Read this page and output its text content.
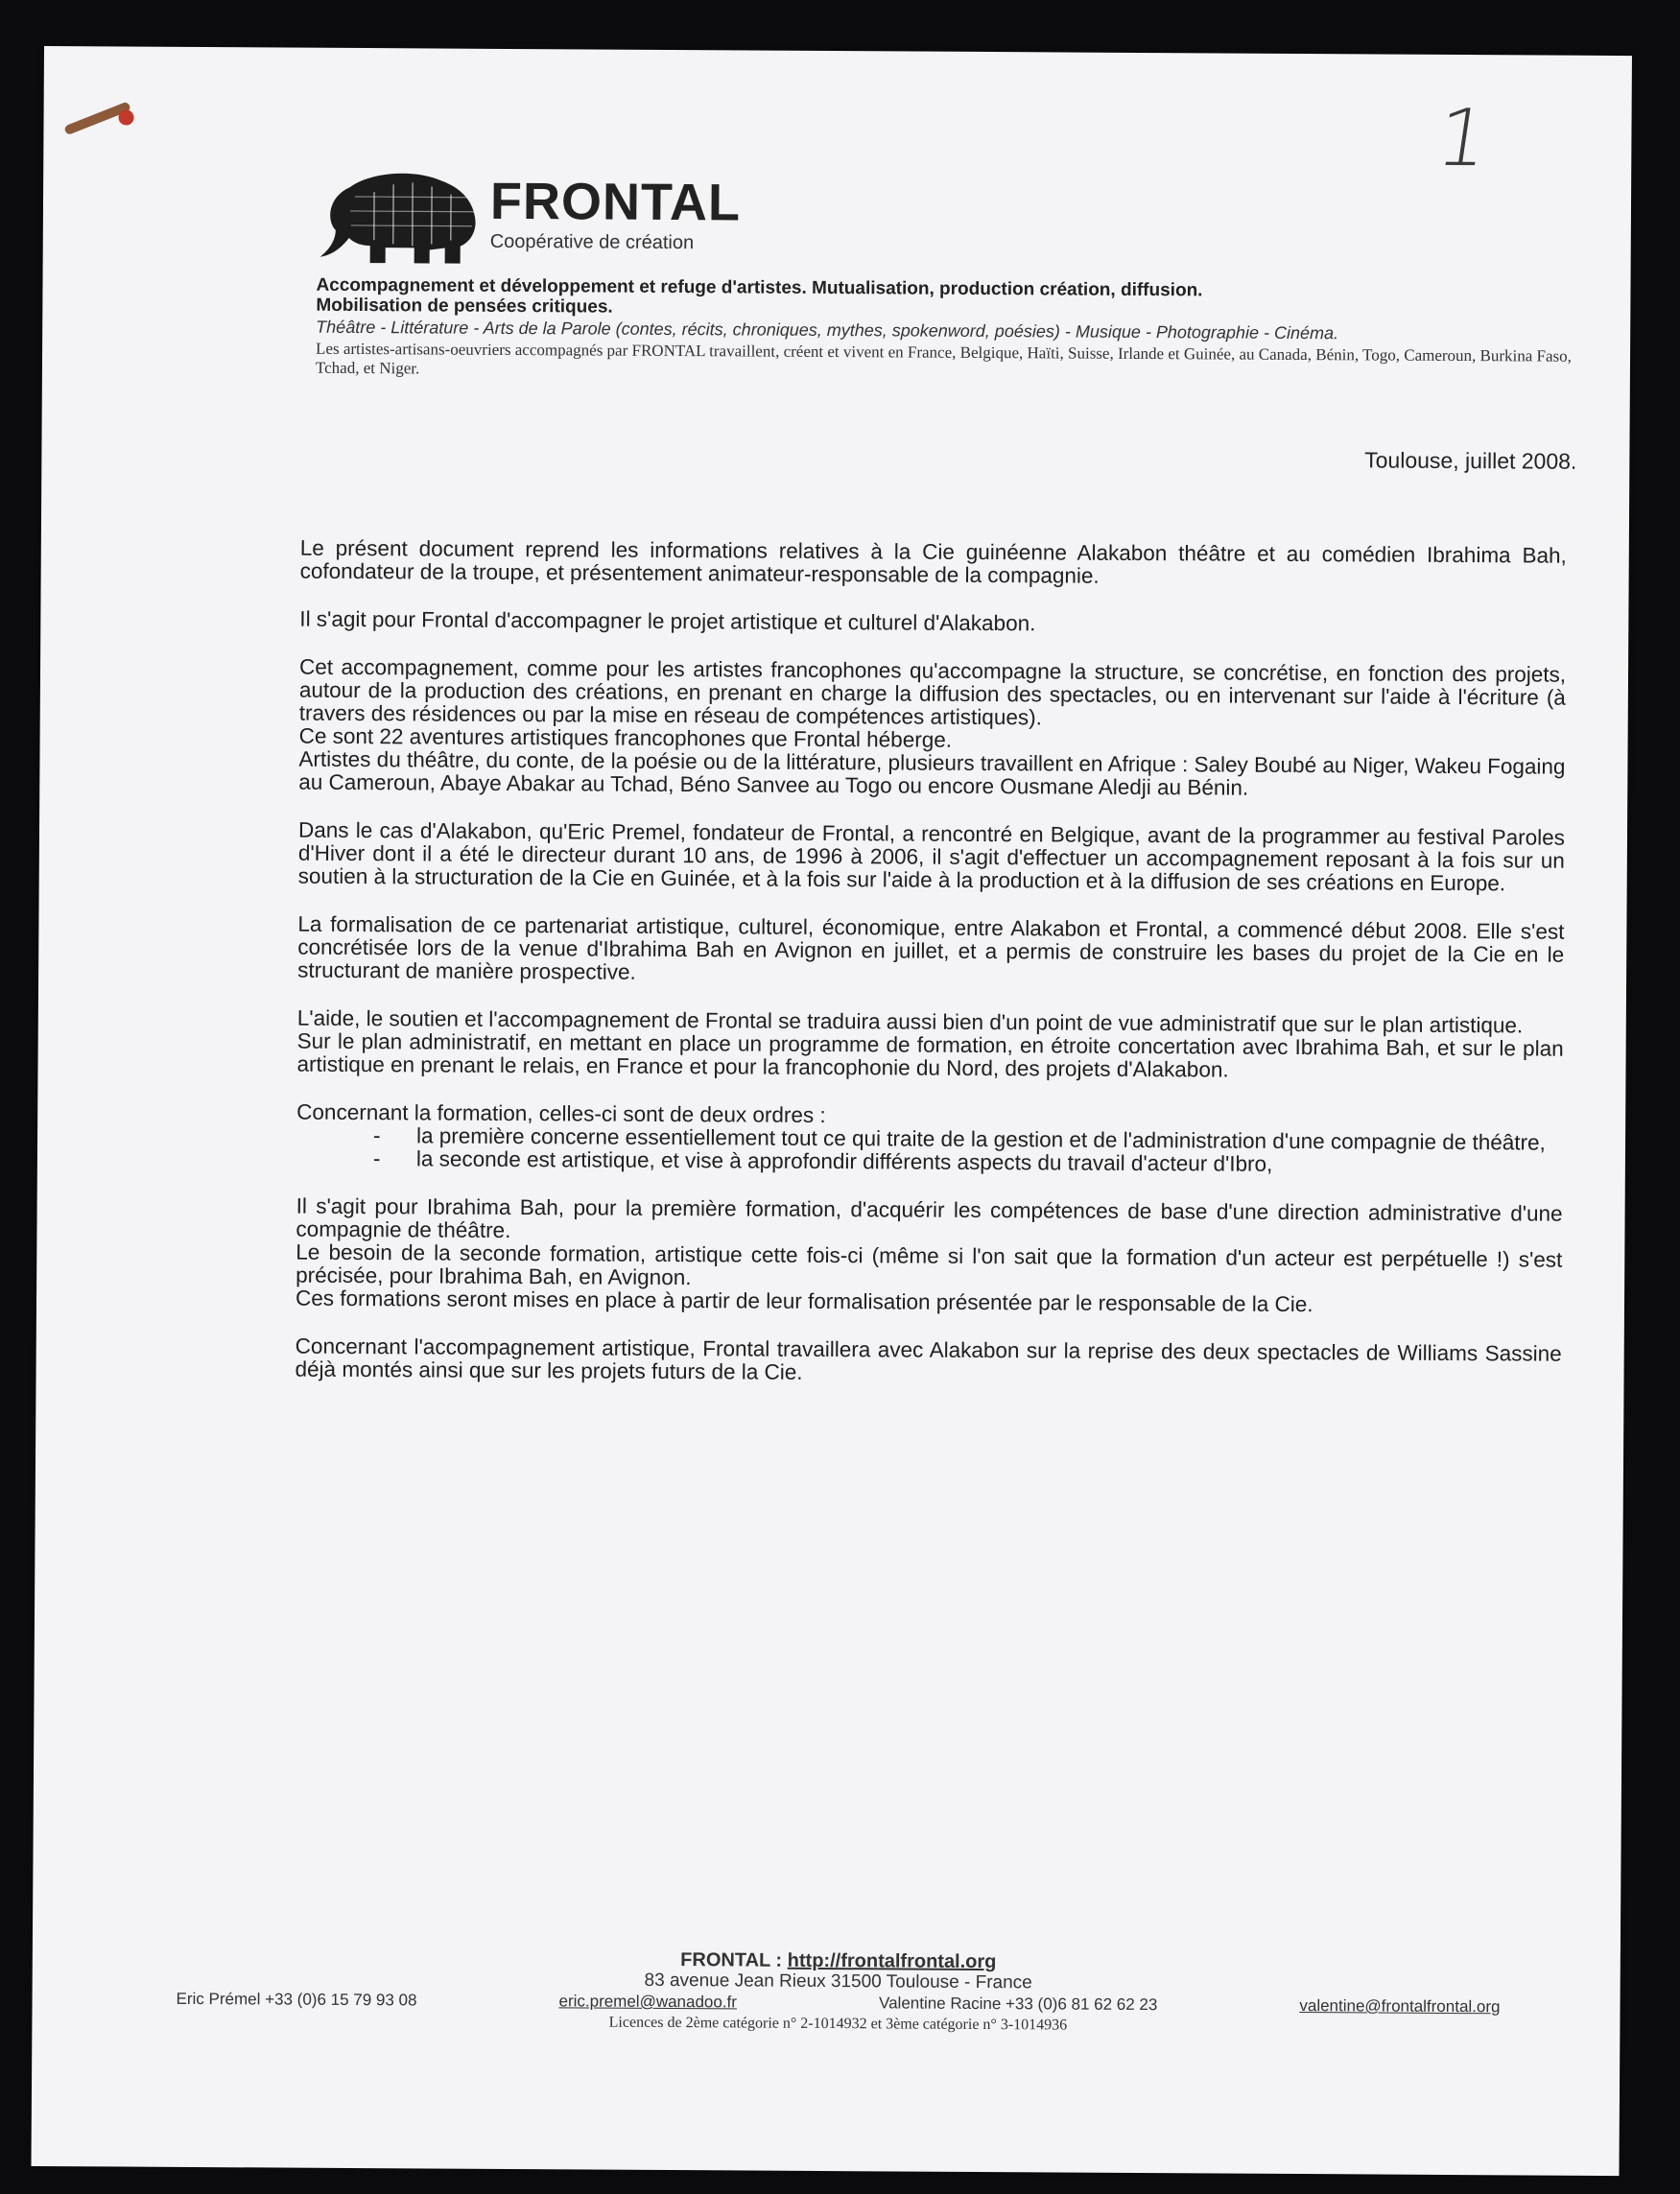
1
FRONTAL
Coopérative de création
Accompagnement et développement et refuge d'artistes. Mutualisation, production création, diffusion.
Mobilisation de pensées critiques.
Théâtre - Littérature - Arts de la Parole (contes, récits, chroniques, mythes, spokenword, poésies) - Musique - Photographie - Cinéma.
Les artistes-artisans-oeuvriers accompagnés par FRONTAL travaillent, créent et vivent en France, Belgique, Haïti, Suisse, Irlande et Guinée, au Canada, Bénin, Togo, Cameroun, Burkina Faso, Tchad, et Niger.
Toulouse, juillet 2008.

Le présent document reprend les informations relatives à la Cie guinéenne Alakabon théâtre et au comédien Ibrahima Bah, cofondateur de la troupe, et présentement animateur-responsable de la compagnie.

Il s'agit pour Frontal d'accompagner le projet artistique et culturel d'Alakabon.

Cet accompagnement, comme pour les artistes francophones qu'accompagne la structure, se concrétise, en fonction des projets, autour de la production des créations, en prenant en charge la diffusion des spectacles, ou en intervenant sur l'aide à l'écriture (à travers des résidences ou par la mise en réseau de compétences artistiques).

Ce sont 22 aventures artistiques francophones que Frontal héberge.

Artistes du théâtre, du conte, de la poésie ou de la littérature, plusieurs travaillent en Afrique : Saley Boubé au Niger, Wakeu Fogaing au Cameroun, Abaye Abakar au Tchad, Béno Sanvee au Togo ou encore Ousmane Aledji au Bénin.

Dans le cas d'Alakabon, qu'Eric Premel, fondateur de Frontal, a rencontré en Belgique, avant de la programmer au festival Paroles d'Hiver dont il a été le directeur durant 10 ans, de 1996 à 2006, il s'agit d'effectuer un accompagnement reposant à la fois sur un soutien à la structuration de la Cie en Guinée, et à la fois sur l'aide à la production et à la diffusion de ses créations en Europe.

La formalisation de ce partenariat artistique, culturel, économique, entre Alakabon et Frontal, a commencé début 2008. Elle s'est concrétisée lors de la venue d'Ibrahima Bah en Avignon en juillet, et a permis de construire les bases du projet de la Cie en le structurant de manière prospective.

L'aide, le soutien et l'accompagnement de Frontal se traduira aussi bien d'un point de vue administratif que sur le plan artistique.

Sur le plan administratif, en mettant en place un programme de formation, en étroite concertation avec Ibrahima Bah, et sur le plan artistique en prenant le relais, en France et pour la francophonie du Nord, des projets d'Alakabon.

Concernant la formation, celles-ci sont de deux ordres :

- la première concerne essentiellement tout ce qui traite de la gestion et de l'administration d'une compagnie de théâtre,
- la seconde est artistique, et vise à approfondir différents aspects du travail d'acteur d'Ibro,

Il s'agit pour Ibrahima Bah, pour la première formation, d'acquérir les compétences de base d'une direction administrative d'une compagnie de théâtre.

Le besoin de la seconde formation, artistique cette fois-ci (même si l'on sait que la formation d'un acteur est perpétuelle !) s'est précisée, pour Ibrahima Bah, en Avignon.

Ces formations seront mises en place à partir de leur formalisation présentée par le responsable de la Cie.

Concernant l'accompagnement artistique, Frontal travaillera avec Alakabon sur la reprise des deux spectacles de Williams Sassine déjà montés ainsi que sur les projets futurs de la Cie.

FRONTAL : http://frontalfrontal.org
83 avenue Jean Rieux 31500 Toulouse - France
Eric Prémel +33 (0)6 15 79 93 08	eric.premel@wanadoo.fr	Valentine Racine +33 (0)6 81 62 62 23	valentine@frontalfrontal.org
Licences de 2ème catégorie n° 2-1014932 et 3ème catégorie n° 3-1014936
